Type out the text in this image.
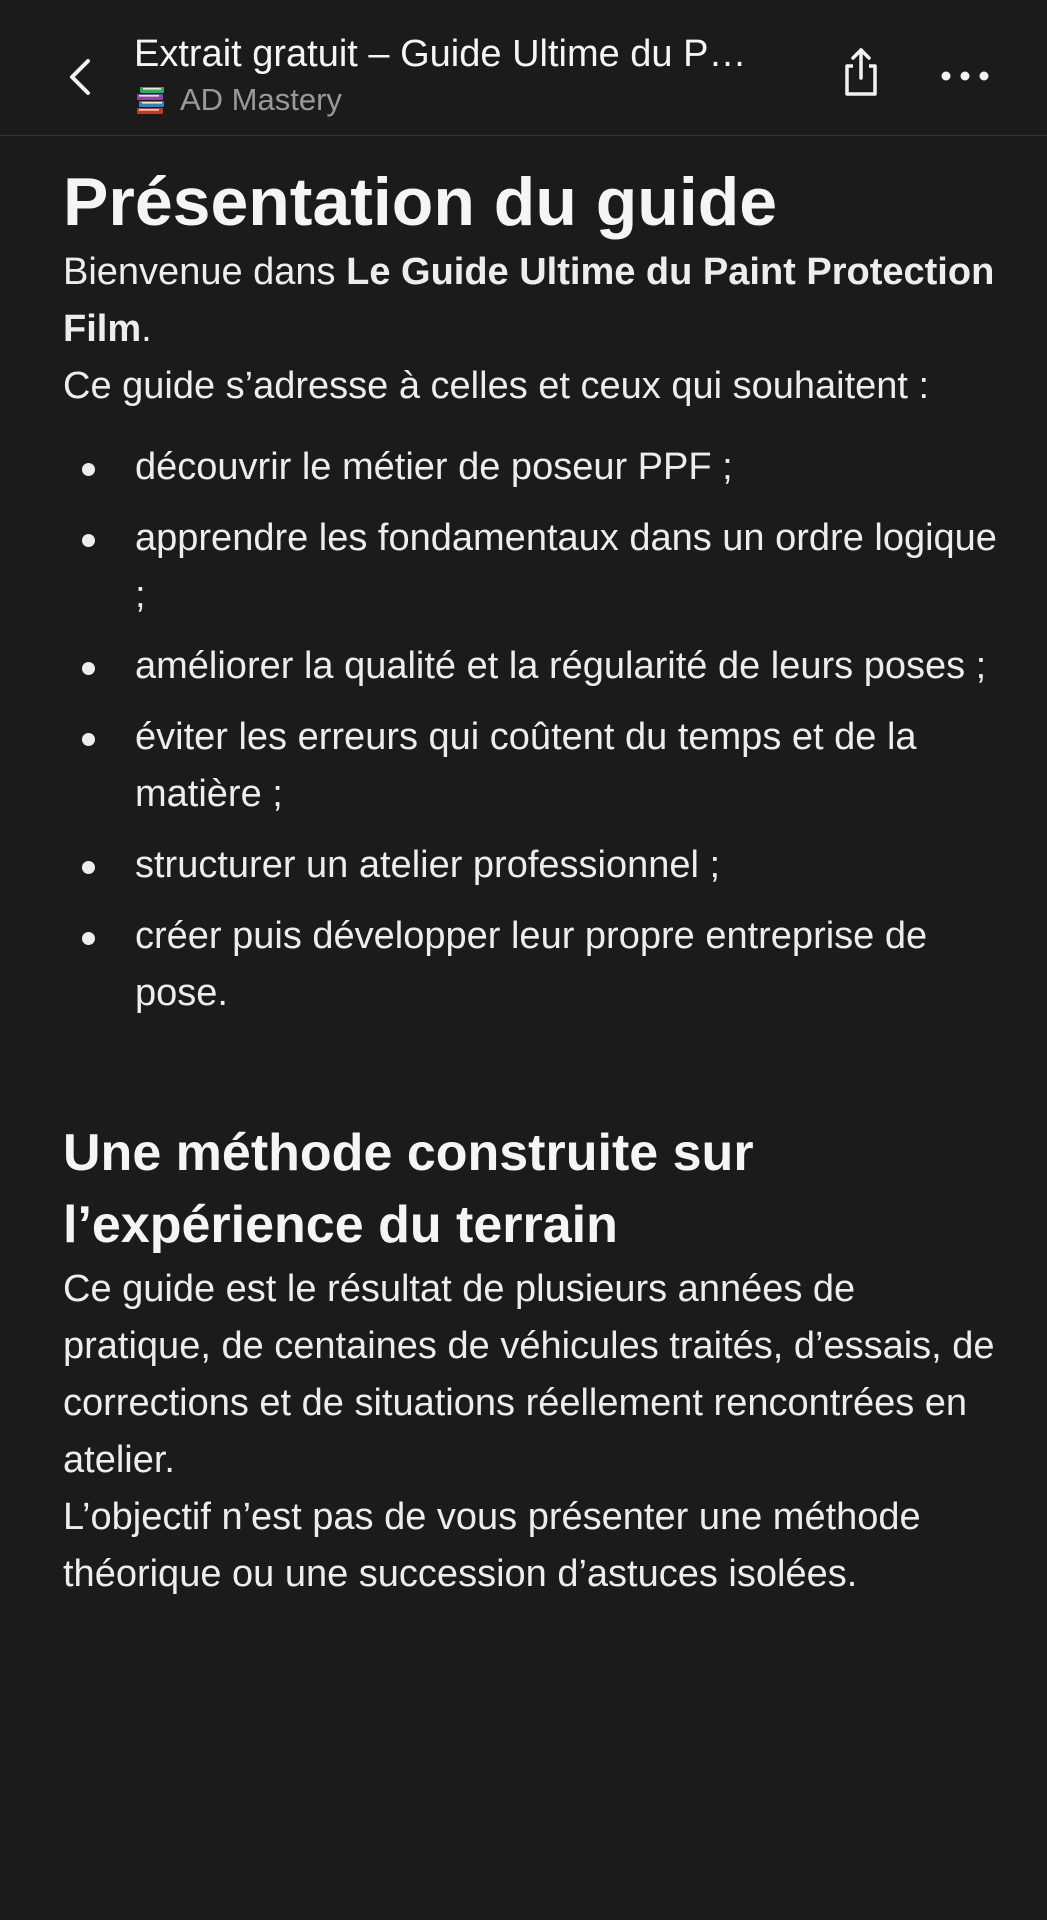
Extrait gratuit – Guide Ultime du P…
AD Mastery
Présentation du guide

Bienvenue dans Le Guide Ultime du Paint Protection Film.

Ce guide s’adresse à celles et ceux qui souhaitent :

découvrir le métier de poseur PPF ;
apprendre les fondamentaux dans un ordre logique ;
améliorer la qualité et la régularité de leurs poses ;
éviter les erreurs qui coûtent du temps et de la matière ;
structurer un atelier professionnel ;
créer puis développer leur propre entreprise de pose.
Une méthode construite sur l’expérience du terrain

Ce guide est le résultat de plusieurs années de pratique, de centaines de véhicules traités, d’essais, de corrections et de situations réellement rencontrées en atelier.

L’objectif n’est pas de vous présenter une méthode théorique ou une succession d’astuces isolées.
